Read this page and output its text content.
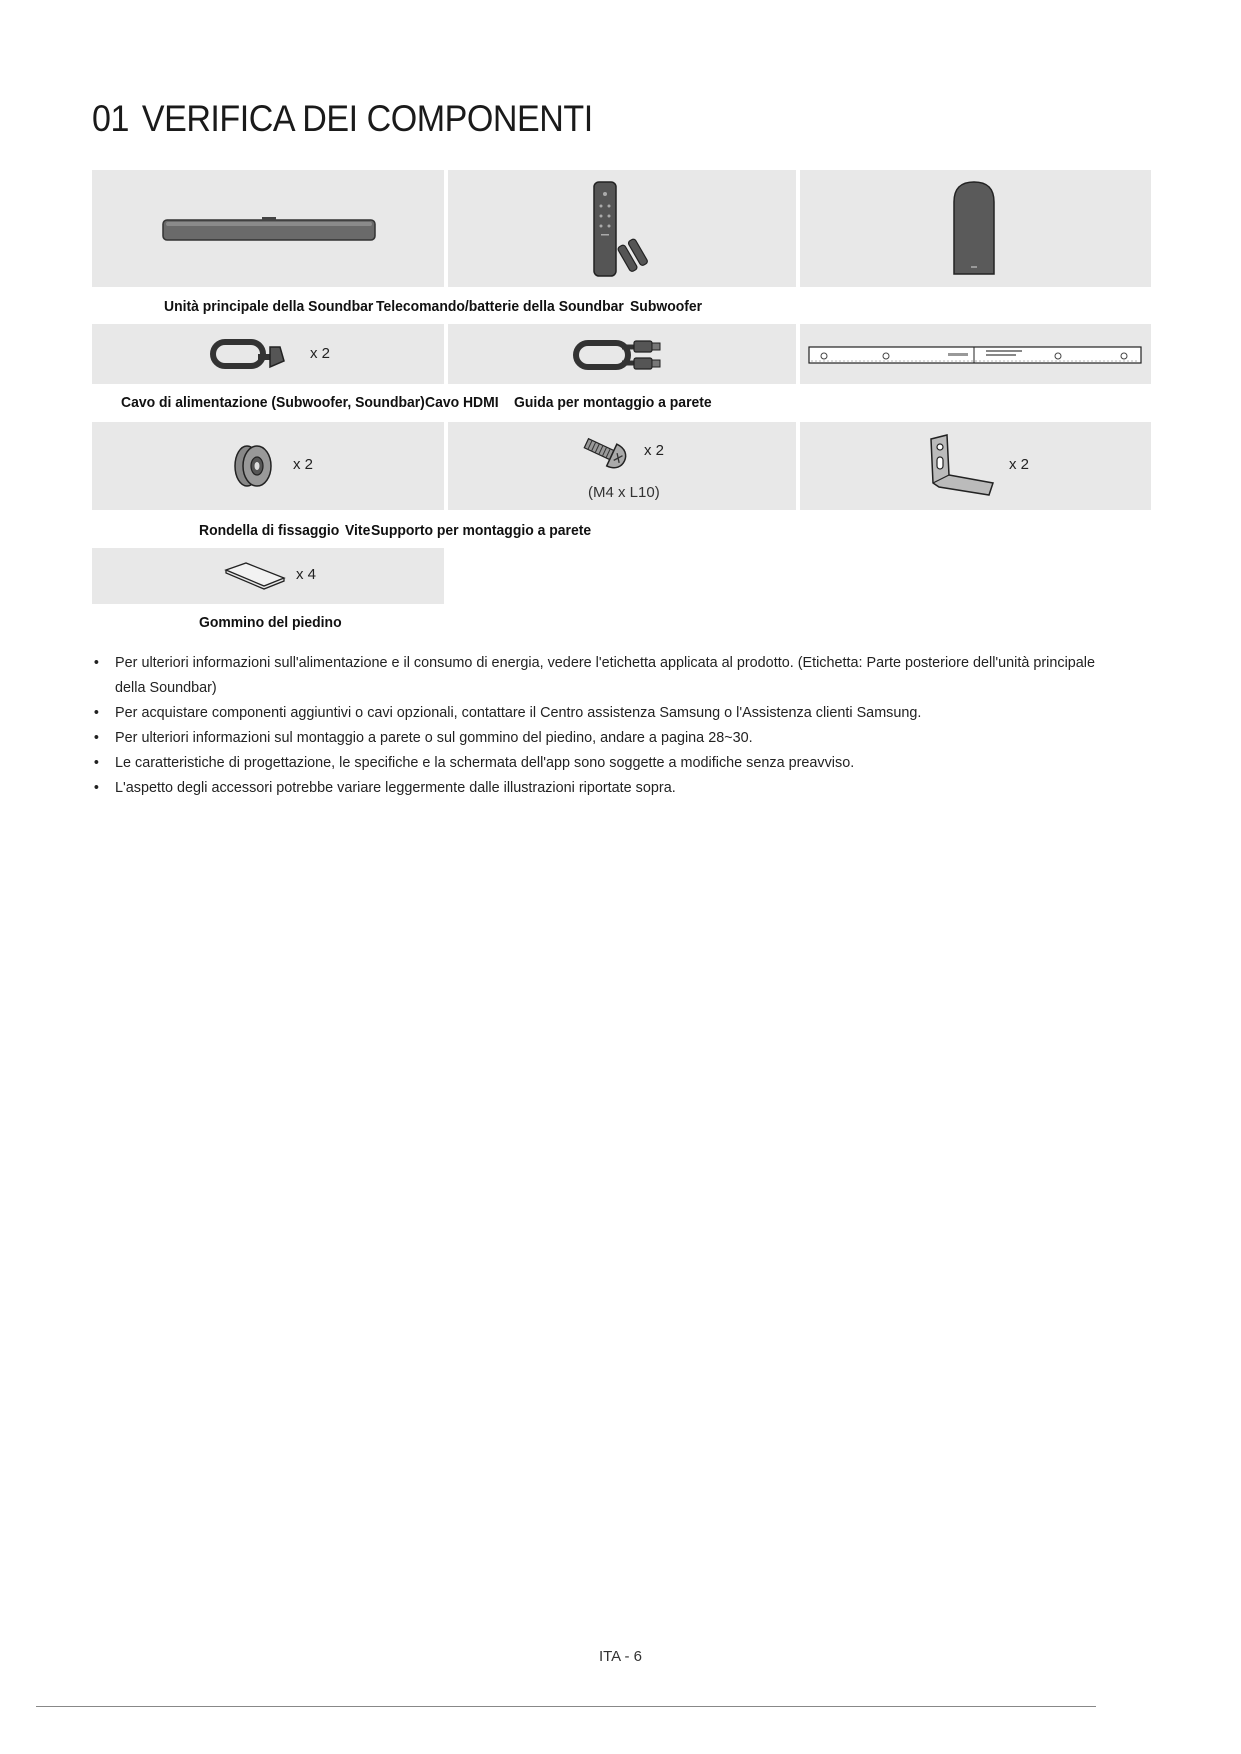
01 VERIFICA DEI COMPONENTI
Unità principale della Soundbar Telecomando/batterie della Soundbar Subwoofer
x 2
Cavo di alimentazione (Subwoofer, Soundbar) Cavo HDMI Guida per montaggio a parete
x 2
x 2
(M4 x L10)
x 2
Rondella di fissaggio Vite Supporto per montaggio a parete
x 4
Gommino del piedino
• Per ulteriori informazioni sull'alimentazione e il consumo di energia, vedere l'etichetta applicata al prodotto. (Etichetta: Parte posteriore dell'unità principale della Soundbar)
• Per acquistare componenti aggiuntivi o cavi opzionali, contattare il Centro assistenza Samsung o l'Assistenza clienti Samsung.
• Per ulteriori informazioni sul montaggio a parete o sul gommino del piedino, andare a pagina 28~30.
• Le caratteristiche di progettazione, le specifiche e la schermata dell'app sono soggette a modifiche senza preavviso.
• L'aspetto degli accessori potrebbe variare leggermente dalle illustrazioni riportate sopra.
ITA - 6
